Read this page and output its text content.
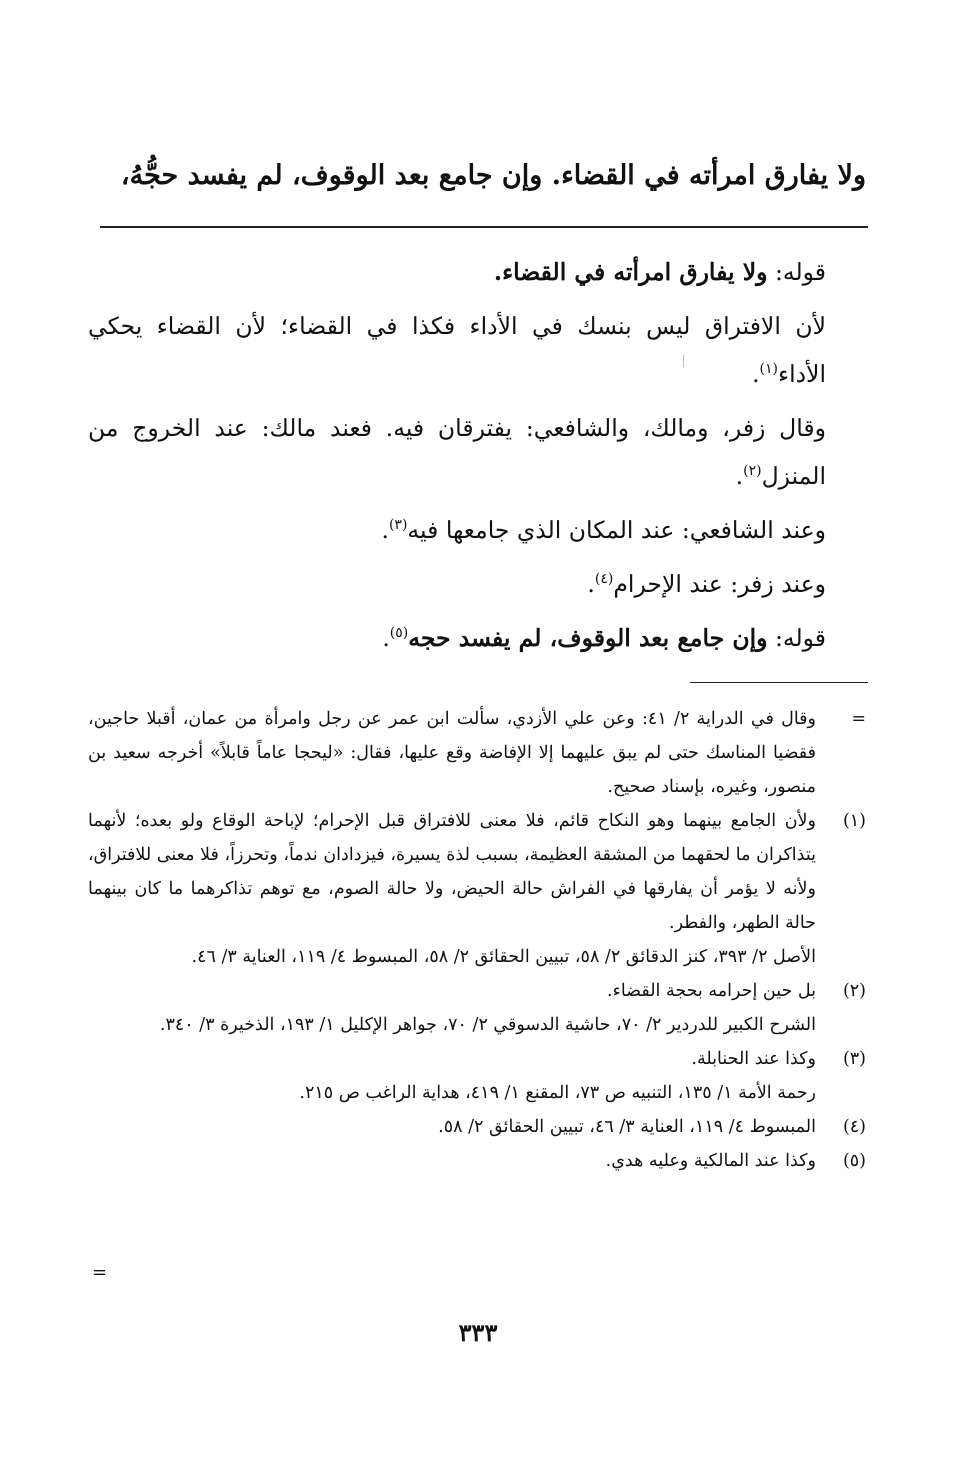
ولا يفارق امرأته في القضاء. وإن جامع بعد الوقوف، لم يفسد حجُّهُ،

قوله: ولا يفارق امرأته في القضاء.

لأن الافتراق ليس بنسك في الأداء فكذا في القضاء؛ لأن القضاء يحكي الأداء$^{(١)}$.

وقال زفر، ومالك، والشافعي: يفترقان فيه. فعند مالك: عند الخروج من المنزل$^{(٢)}$.

وعند الشافعي: عند المكان الذي جامعها فيه$^{(٣)}$.

وعند زفر: عند الإحرام$^{(٤)}$.

قوله: وإن جامع بعد الوقوف، لم يفسد حجه$^{(٥)}$.

=
وقال في الدراية ٢/ ٤١: وعن علي الأزدي، سألت ابن عمر عن رجل وامرأة من عمان، أقبلا حاجين، فقضيا المناسك حتى لم يبق عليهما إلا الإفاضة وقع عليها، فقال: «ليحجا عاماً قابلاً» أخرجه سعيد بن منصور، وغيره، بإسناد صحيح.
(١)
ولأن الجامع بينهما وهو النكاح قائم، فلا معنى للافتراق قبل الإحرام؛ لإباحة الوقاع ولو بعده؛ لأنهما يتذاكران ما لحقهما من المشقة العظيمة، بسبب لذة يسيرة، فيزدادان ندماً، وتحرزاً، فلا معنى للافتراق، ولأنه لا يؤمر أن يفارقها في الفراش حالة الحيض، ولا حالة الصوم، مع توهم تذاكرهما ما كان بينهما حالة الطهر، والفطر.
الأصل ٢/ ٣٩٣، كنز الدقائق ٢/ ٥٨، تبيين الحقائق ٢/ ٥٨، المبسوط ٤/ ١١٩، العناية ٣/ ٤٦.
(٢)
بل حين إحرامه بحجة القضاء.
الشرح الكبير للدردير ٢/ ٧٠، حاشية الدسوقي ٢/ ٧٠، جواهر الإكليل ١/ ١٩٣، الذخيرة ٣/ ٣٤٠.
(٣)
وكذا عند الحنابلة.
رحمة الأمة ١/ ١٣٥، التنبيه ص ٧٣، المقنع ١/ ٤١٩، هداية الراغب ص ٢١٥.
(٤)
المبسوط ٤/ ١١٩، العناية ٣/ ٤٦، تبيين الحقائق ٢/ ٥٨.
(٥)
وكذا عند المالكية وعليه هدي.
=
٣٣٣
